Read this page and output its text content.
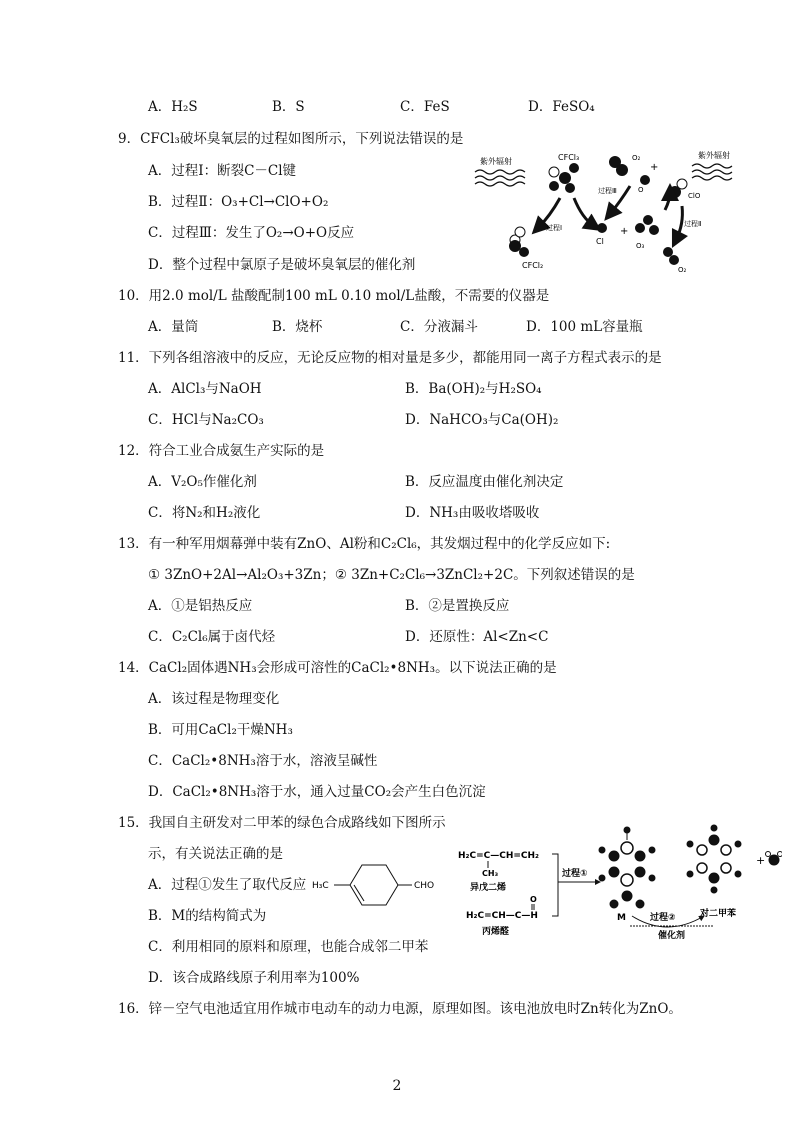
A．H₂S	B．S	C．FeS	D．FeSO₄
9．CFCl₃破坏臭氧层的过程如图所示，下列说法错误的是
A．过程Ⅰ：断裂C－Cl键
B．过程Ⅱ：O₃+Cl→ClO+O₂
C．过程Ⅲ：发生了O₂→O+O反应
D．整个过程中氯原子是破坏臭氧层的催化剂
紫外辐射	CFCl₃
CFCl₂
过程Ⅰ
Cl
+
O₂
+
O
过程Ⅲ
O₃
ClO
过程Ⅱ
O₂
紫外辐射
10．用2.0 mol/L 盐酸配制100 mL 0.10 mol/L盐酸，不需要的仪器是
A．量筒	B．烧杯	C．分液漏斗	D．100 mL容量瓶
11．下列各组溶液中的反应，无论反应物的相对量是多少，都能用同一离子方程式表示的是
A．AlCl₃与NaOH	B．Ba(OH)₂与H₂SO₄
C．HCl与Na₂CO₃	D．NaHCO₃与Ca(OH)₂
12．符合工业合成氨生产实际的是
A．V₂O₅作催化剂	B．反应温度由催化剂决定
C．将N₂和H₂液化	D．NH₃由吸收塔吸收
13．有一种军用烟幕弹中装有ZnO、Al粉和C₂Cl₆，其发烟过程中的化学反应如下:
① 3ZnO+2Al→Al₂O₃+3Zn；② 3Zn+C₂Cl₆→3ZnCl₂+2C。下列叙述错误的是
A．①是铝热反应	B．②是置换反应
C．C₂Cl₆属于卤代烃	D．还原性：Al<Zn<C
14．CaCl₂固体遇NH₃会形成可溶性的CaCl₂•8NH₃。以下说法正确的是
A．该过程是物理变化
B．可用CaCl₂干燥NH₃
C．CaCl₂•8NH₃溶于水，溶液呈碱性
D．CaCl₂•8NH₃溶于水，通入过量CO₂会产生白色沉淀
15．我国自主研发对二甲苯的绿色合成路线如下图所示
示，有关说法正确的是
A．过程①发生了取代反应
B．M的结构简式为
C．利用相同的原料和原理，也能合成邻二甲苯
D．该合成路线原子利用率为100%
H₃C	CHO
H₂C=C—CH=CH₂
CH₃
异戊二烯
O
H₂C=CH—C—H
丙烯醛
过程①
M	过程②
催化剂
对二甲苯
+
16．锌－空气电池适宜用作城市电动车的动力电源，原理如图。该电池放电时Zn转化为ZnO。
2
